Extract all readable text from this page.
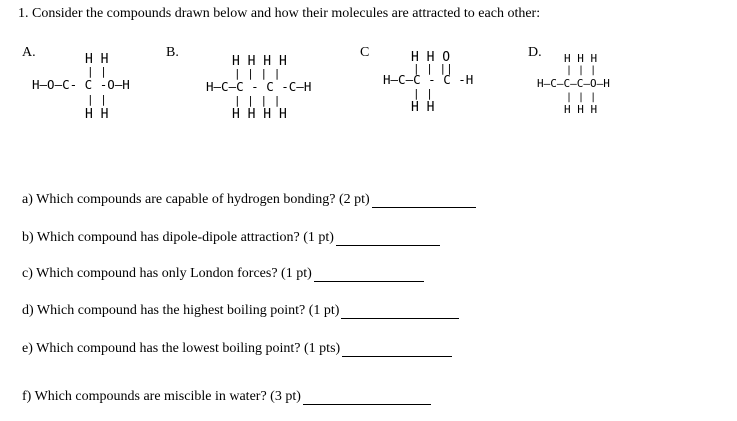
1. Consider the compounds drawn below and how their molecules are attracted to each other:
A.	H H
| |
H—O—C- C -O—H
| |
H H
B.
H H H H
| | | |
H—C—C - C -C—H
| | | |
H H H H
C	H H O
| | ||
H—C—C - C -H
| |
H H
D. H H H
| | |
H—C—C—C—O—H
| | |
H H H
a) Which compounds are capable of hydrogen bonding? (2 pt)
b) Which compound has dipole-dipole attraction? (1 pt)
c) Which compound has only London forces? (1 pt)
d) Which compound has the highest boiling point? (1 pt)
e) Which compound has the lowest boiling point? (1 pts)
f) Which compounds are miscible in water? (3 pt)
